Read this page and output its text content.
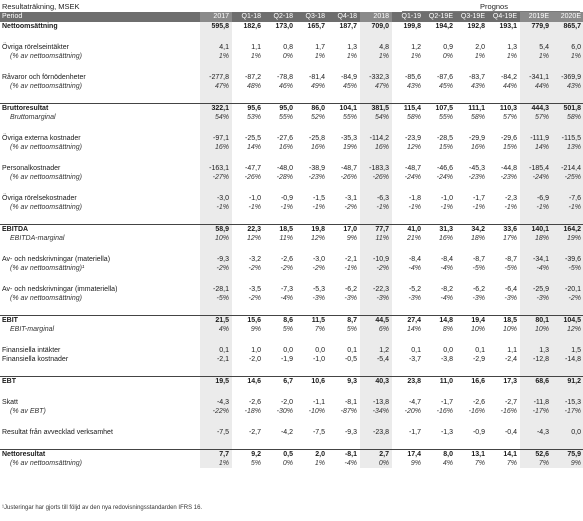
Resultaträkning, MSEK	Prognos
Period	2017	Q1-18	Q2-18	Q3-18	Q4-18	2018	Q1-19	Q2-19E	Q3-19E	Q4-19E	2019E	2020E
Nettoomsättning	595,8	182,6	173,0	165,7	187,7	709,0	199,8	194,2	192,8	193,1	779,9	865,7

Övriga rörelseintäkter	4,1	1,1	0,8	1,7	1,3	4,8	1,2	0,9	2,0	1,3	5,4	6,0
(% av nettoomsättning)	1%	1%	0%	1%	1%	1%	1%	0%	1%	1%	1%	1%

Råvaror och förnödenheter	-277,8	-87,2	-78,8	-81,4	-84,9	-332,3	-85,6	-87,6	-83,7	-84,2	-341,1	-369,9
(% av nettoomsättning)	47%	48%	46%	49%	45%	47%	43%	45%	43%	44%	44%	43%

Bruttoresultat	322,1	95,6	95,0	86,0	104,1	381,5	115,4	107,5	111,1	110,3	444,3	501,8
Bruttomarginal	54%	53%	55%	52%	55%	54%	58%	55%	58%	57%	57%	58%

Övriga externa kostnader	-97,1	-25,5	-27,6	-25,8	-35,3	-114,2	-23,9	-28,5	-29,9	-29,6	-111,9	-115,5
(% av nettoomsättning)	16%	14%	16%	16%	19%	16%	12%	15%	16%	15%	14%	13%

Personalkostnader	-163,1	-47,7	-48,0	-38,9	-48,7	-183,3	-48,7	-46,6	-45,3	-44,8	-185,4	-214,4
(% av nettoomsättning)	-27%	-26%	-28%	-23%	-26%	-26%	-24%	-24%	-23%	-23%	-24%	-25%

Övriga rörelsekostnader	-3,0	-1,0	-0,9	-1,5	-3,1	-6,3	-1,8	-1,0	-1,7	-2,3	-6,9	-7,6
(% av nettoomsättning)	-1%	-1%	-1%	-1%	-2%	-1%	-1%	-1%	-1%	-1%	-1%	-1%

EBITDA	58,9	22,3	18,5	19,8	17,0	77,7	41,0	31,3	34,2	33,6	140,1	164,2
EBITDA-marginal	10%	12%	11%	12%	9%	11%	21%	16%	18%	17%	18%	19%

Av- och nedskrivningar (materiella)	-9,3	-3,2	-2,6	-3,0	-2,1	-10,9	-8,4	-8,4	-8,7	-8,7	-34,1	-39,6
(% av nettoomsättning)¹	-2%	-2%	-2%	-2%	-1%	-2%	-4%	-4%	-5%	-5%	-4%	-5%

Av- och nedskrivningar (immateriella)	-28,1	-3,5	-7,3	-5,3	-6,2	-22,3	-5,2	-8,2	-6,2	-6,4	-25,9	-20,1
(% av nettoomsättning)	-5%	-2%	-4%	-3%	-3%	-3%	-3%	-4%	-3%	-3%	-3%	-2%

EBIT	21,5	15,6	8,6	11,5	8,7	44,5	27,4	14,8	19,4	18,5	80,1	104,5
EBIT-marginal	4%	9%	5%	7%	5%	6%	14%	8%	10%	10%	10%	12%

Finansiella intäkter	0,1	1,0	0,0	0,0	0,1	1,2	0,1	0,0	0,1	1,1	1,3	1,5
Finansiella kostnader	-2,1	-2,0	-1,9	-1,0	-0,5	-5,4	-3,7	-3,8	-2,9	-2,4	-12,8	-14,8

EBT	19,5	14,6	6,7	10,6	9,3	40,3	23,8	11,0	16,6	17,3	68,6	91,2

Skatt	-4,3	-2,6	-2,0	-1,1	-8,1	-13,8	-4,7	-1,7	-2,6	-2,7	-11,8	-15,3
(% av EBT)	-22%	-18%	-30%	-10%	-87%	-34%	-20%	-16%	-16%	-16%	-17%	-17%

Resultat från avvecklad verksamhet	-7,5	-2,7	-4,2	-7,5	-9,3	-23,8	-1,7	-1,3	-0,9	-0,4	-4,3	0,0

Nettoresultat	7,7	9,2	0,5	2,0	-8,1	2,7	17,4	8,0	13,1	14,1	52,6	75,9
(% av nettoomsättning)	1%	5%	0%	1%	-4%	0%	9%	4%	7%	7%	7%	9%
¹Justeringar har gjorts till följd av den nya redovisningsstandarden IFRS 16.
